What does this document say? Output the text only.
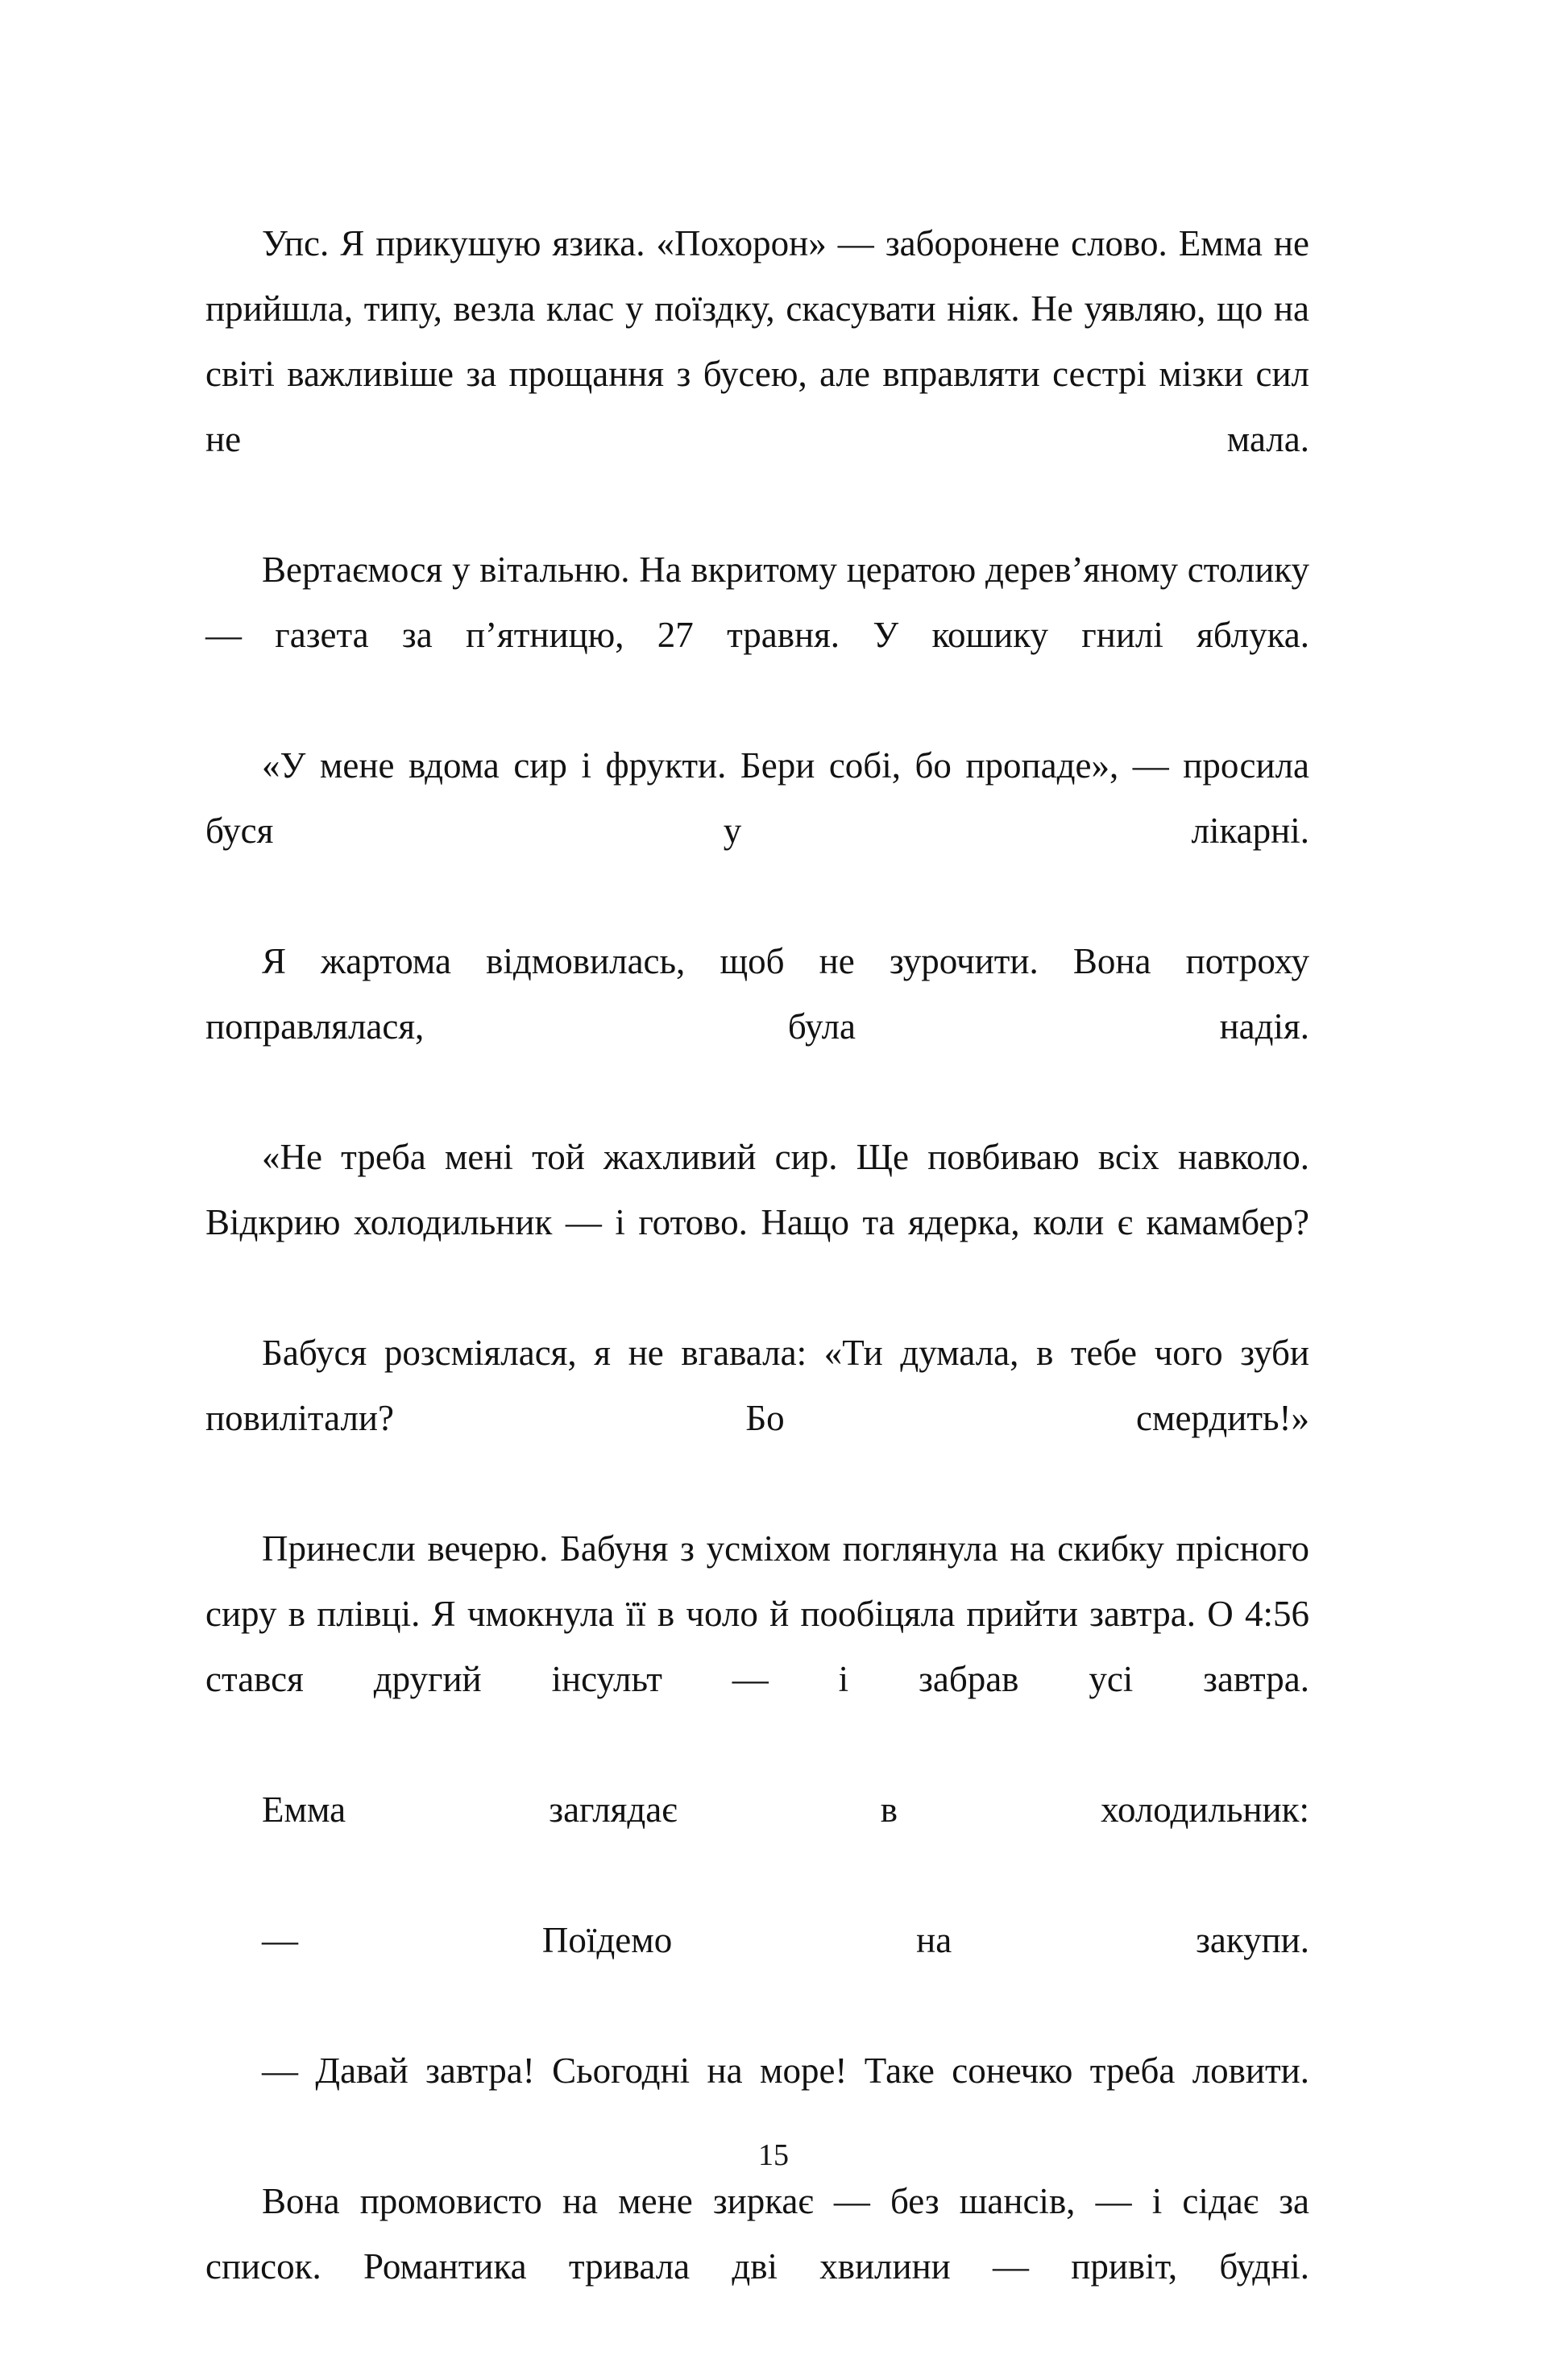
Упс. Я прикушую язика. «Похорон» — заборонене слово. Емма не прийшла, типу, везла клас у поїздку, скасувати ніяк. Не уявляю, що на світі важливіше за прощання з бусею, але вправляти сестрі мізки сил не мала.

Вертаємося у вітальню. На вкритому цератою дерев’яному столику — газета за п’ятницю, 27 травня. У кошику гнилі яблука.

«У мене вдома сир і фрукти. Бери собі, бо пропаде», — просила буся у лікарні.

Я жартома відмовилась, щоб не зурочити. Вона потроху поправлялася, була надія.

«Не треба мені той жахливий сир. Ще повбиваю всіх навколо. Відкрию холодильник — і готово. Нащо та ядерка, коли є камамбер?

Бабуся розсміялася, я не вгавала: «Ти думала, в тебе чого зуби повилітали? Бо смердить!»

Принесли вечерю. Бабуня з усміхом поглянула на скибку прісного сиру в плівці. Я чмокнула її в чоло й пообіцяла прийти завтра. О 4:56 стався другий інсульт — і забрав усі завтра.

Емма заглядає в холодильник:

— Поїдемо на закупи.

— Давай завтра! Сьогодні на море! Таке сонечко треба ловити.

Вона промовисто на мене зиркає — без шансів, — і сідає за список. Романтика тривала дві хвилини — привіт, будні.

15
